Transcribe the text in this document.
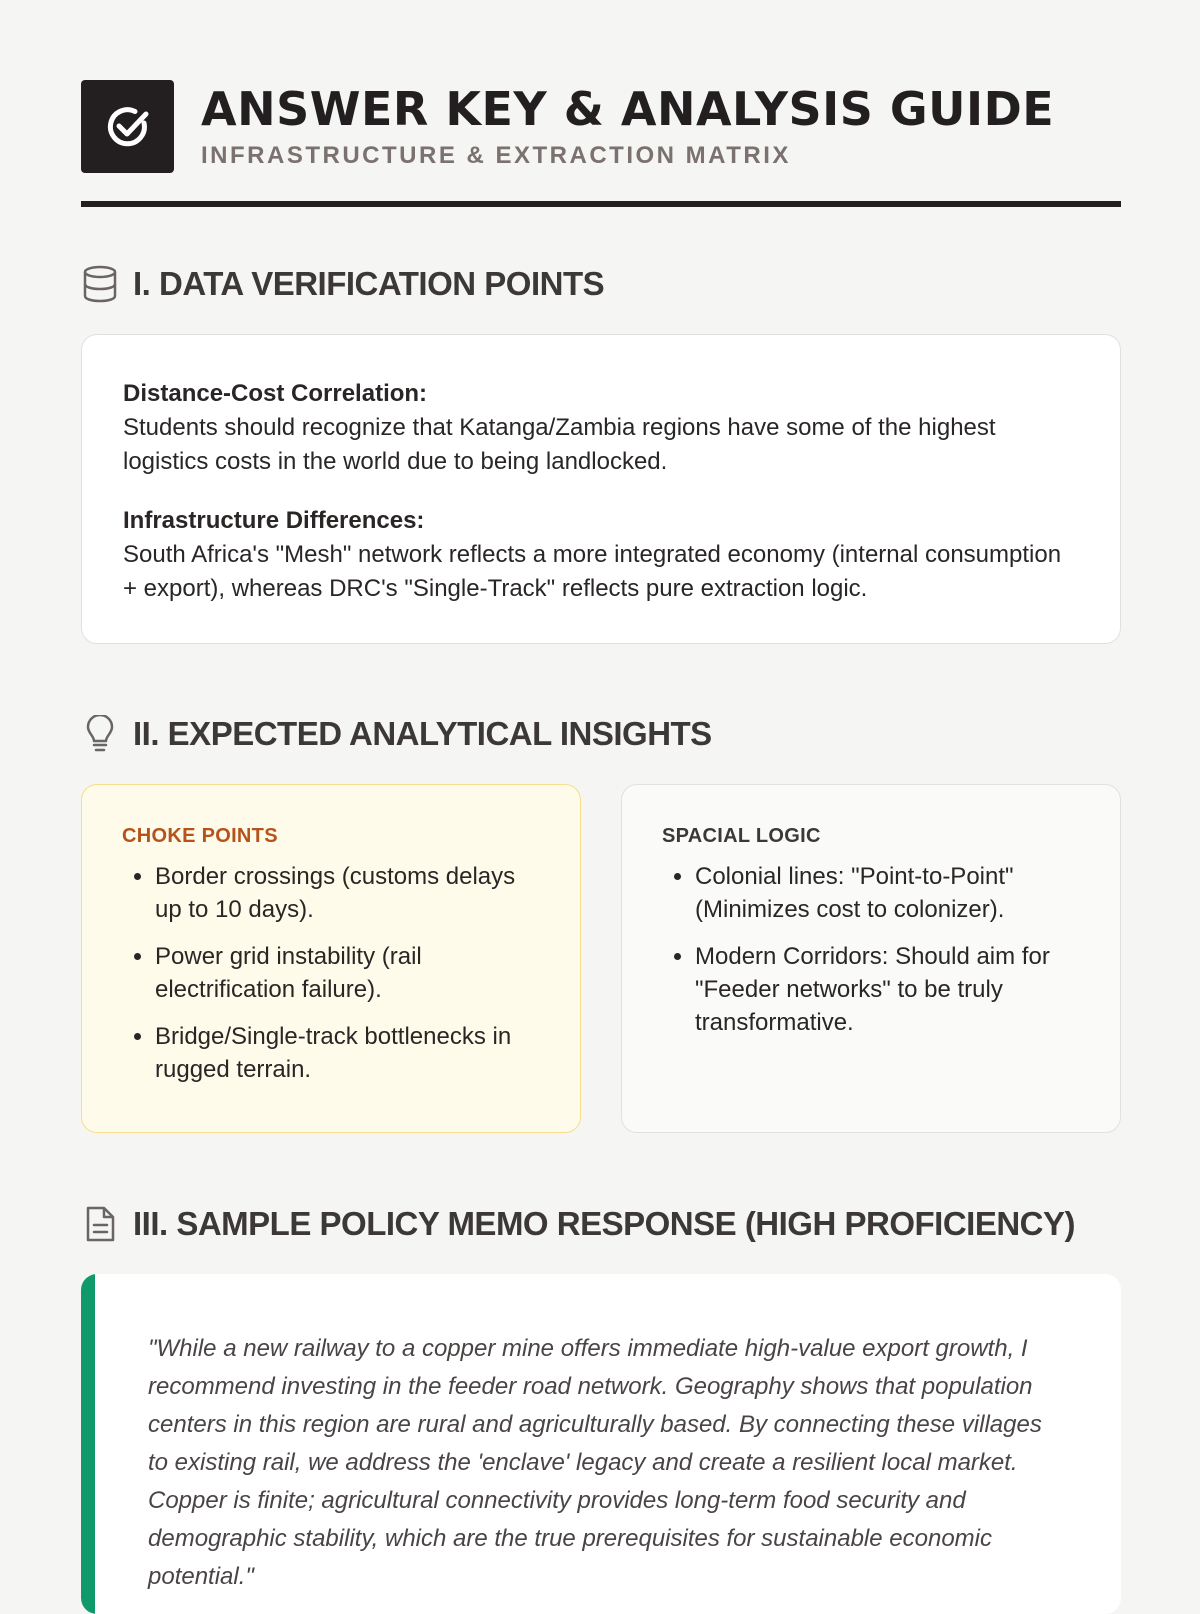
ANSWER KEY & ANALYSIS GUIDE
INFRASTRUCTURE & EXTRACTION MATRIX
I. DATA VERIFICATION POINTS

Distance-Cost Correlation:

Students should recognize that Katanga/Zambia regions have some of the highest logistics costs in the world due to being landlocked.

Infrastructure Differences:

South Africa's "Mesh" network reflects a more integrated economy (internal consumption + export), whereas DRC's "Single-Track" reflects pure extraction logic.

II. EXPECTED ANALYTICAL INSIGHTS
CHOKE POINTS
• Border crossings (customs delays up to 10 days).
• Power grid instability (rail electrification failure).
• Bridge/Single-track bottlenecks in rugged terrain.
SPACIAL LOGIC
• Colonial lines: "Point-to-Point" (Minimizes cost to colonizer).
• Modern Corridors: Should aim for "Feeder networks" to be truly transformative.
III. SAMPLE POLICY MEMO RESPONSE (HIGH PROFICIENCY)

"While a new railway to a copper mine offers immediate high-value export growth, I recommend investing in the feeder road network. Geography shows that population centers in this region are rural and agriculturally based. By connecting these villages to existing rail, we address the 'enclave' legacy and create a resilient local market. Copper is finite; agricultural connectivity provides long-term food security and demographic stability, which are the true prerequisites for sustainable economic potential."
